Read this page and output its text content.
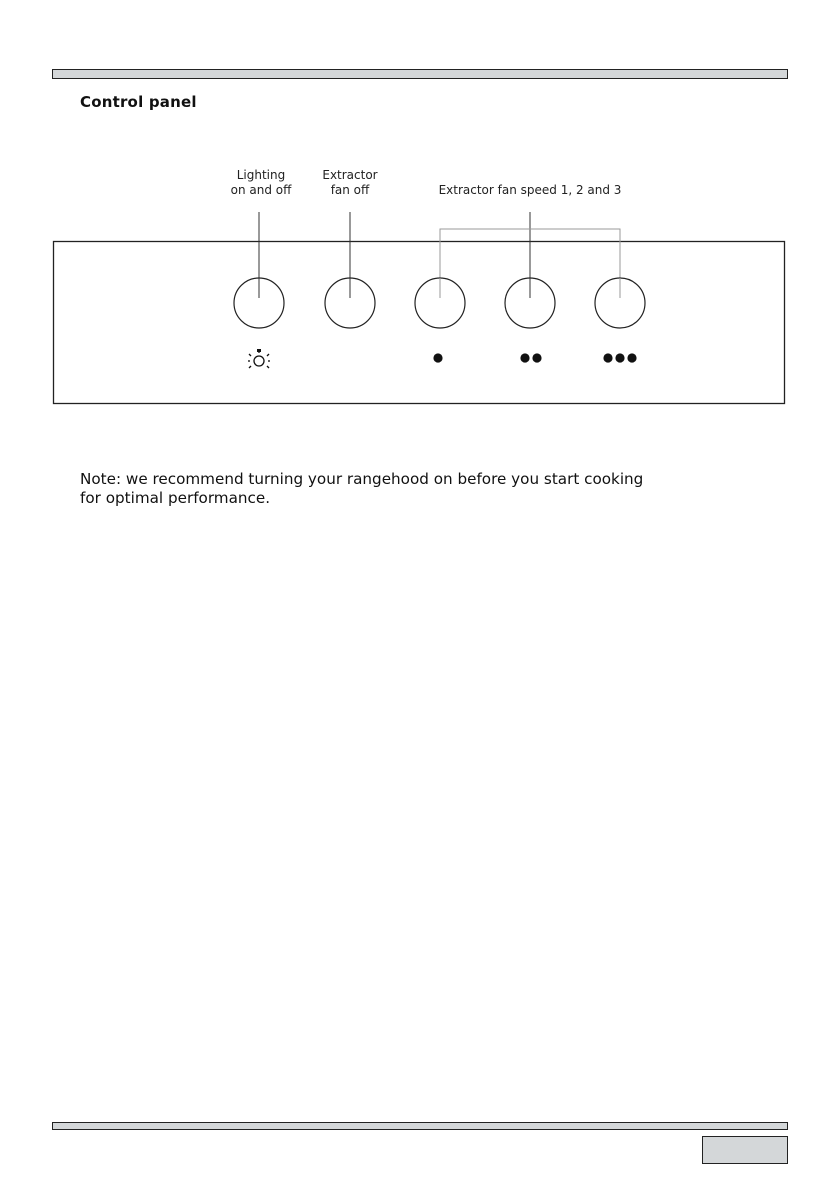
Control panel
Lighting
on and off
Extractor
fan off	Extractor fan speed 1, 2 and 3
Note: we recommend turning your rangehood on before you start cooking
for optimal performance.
